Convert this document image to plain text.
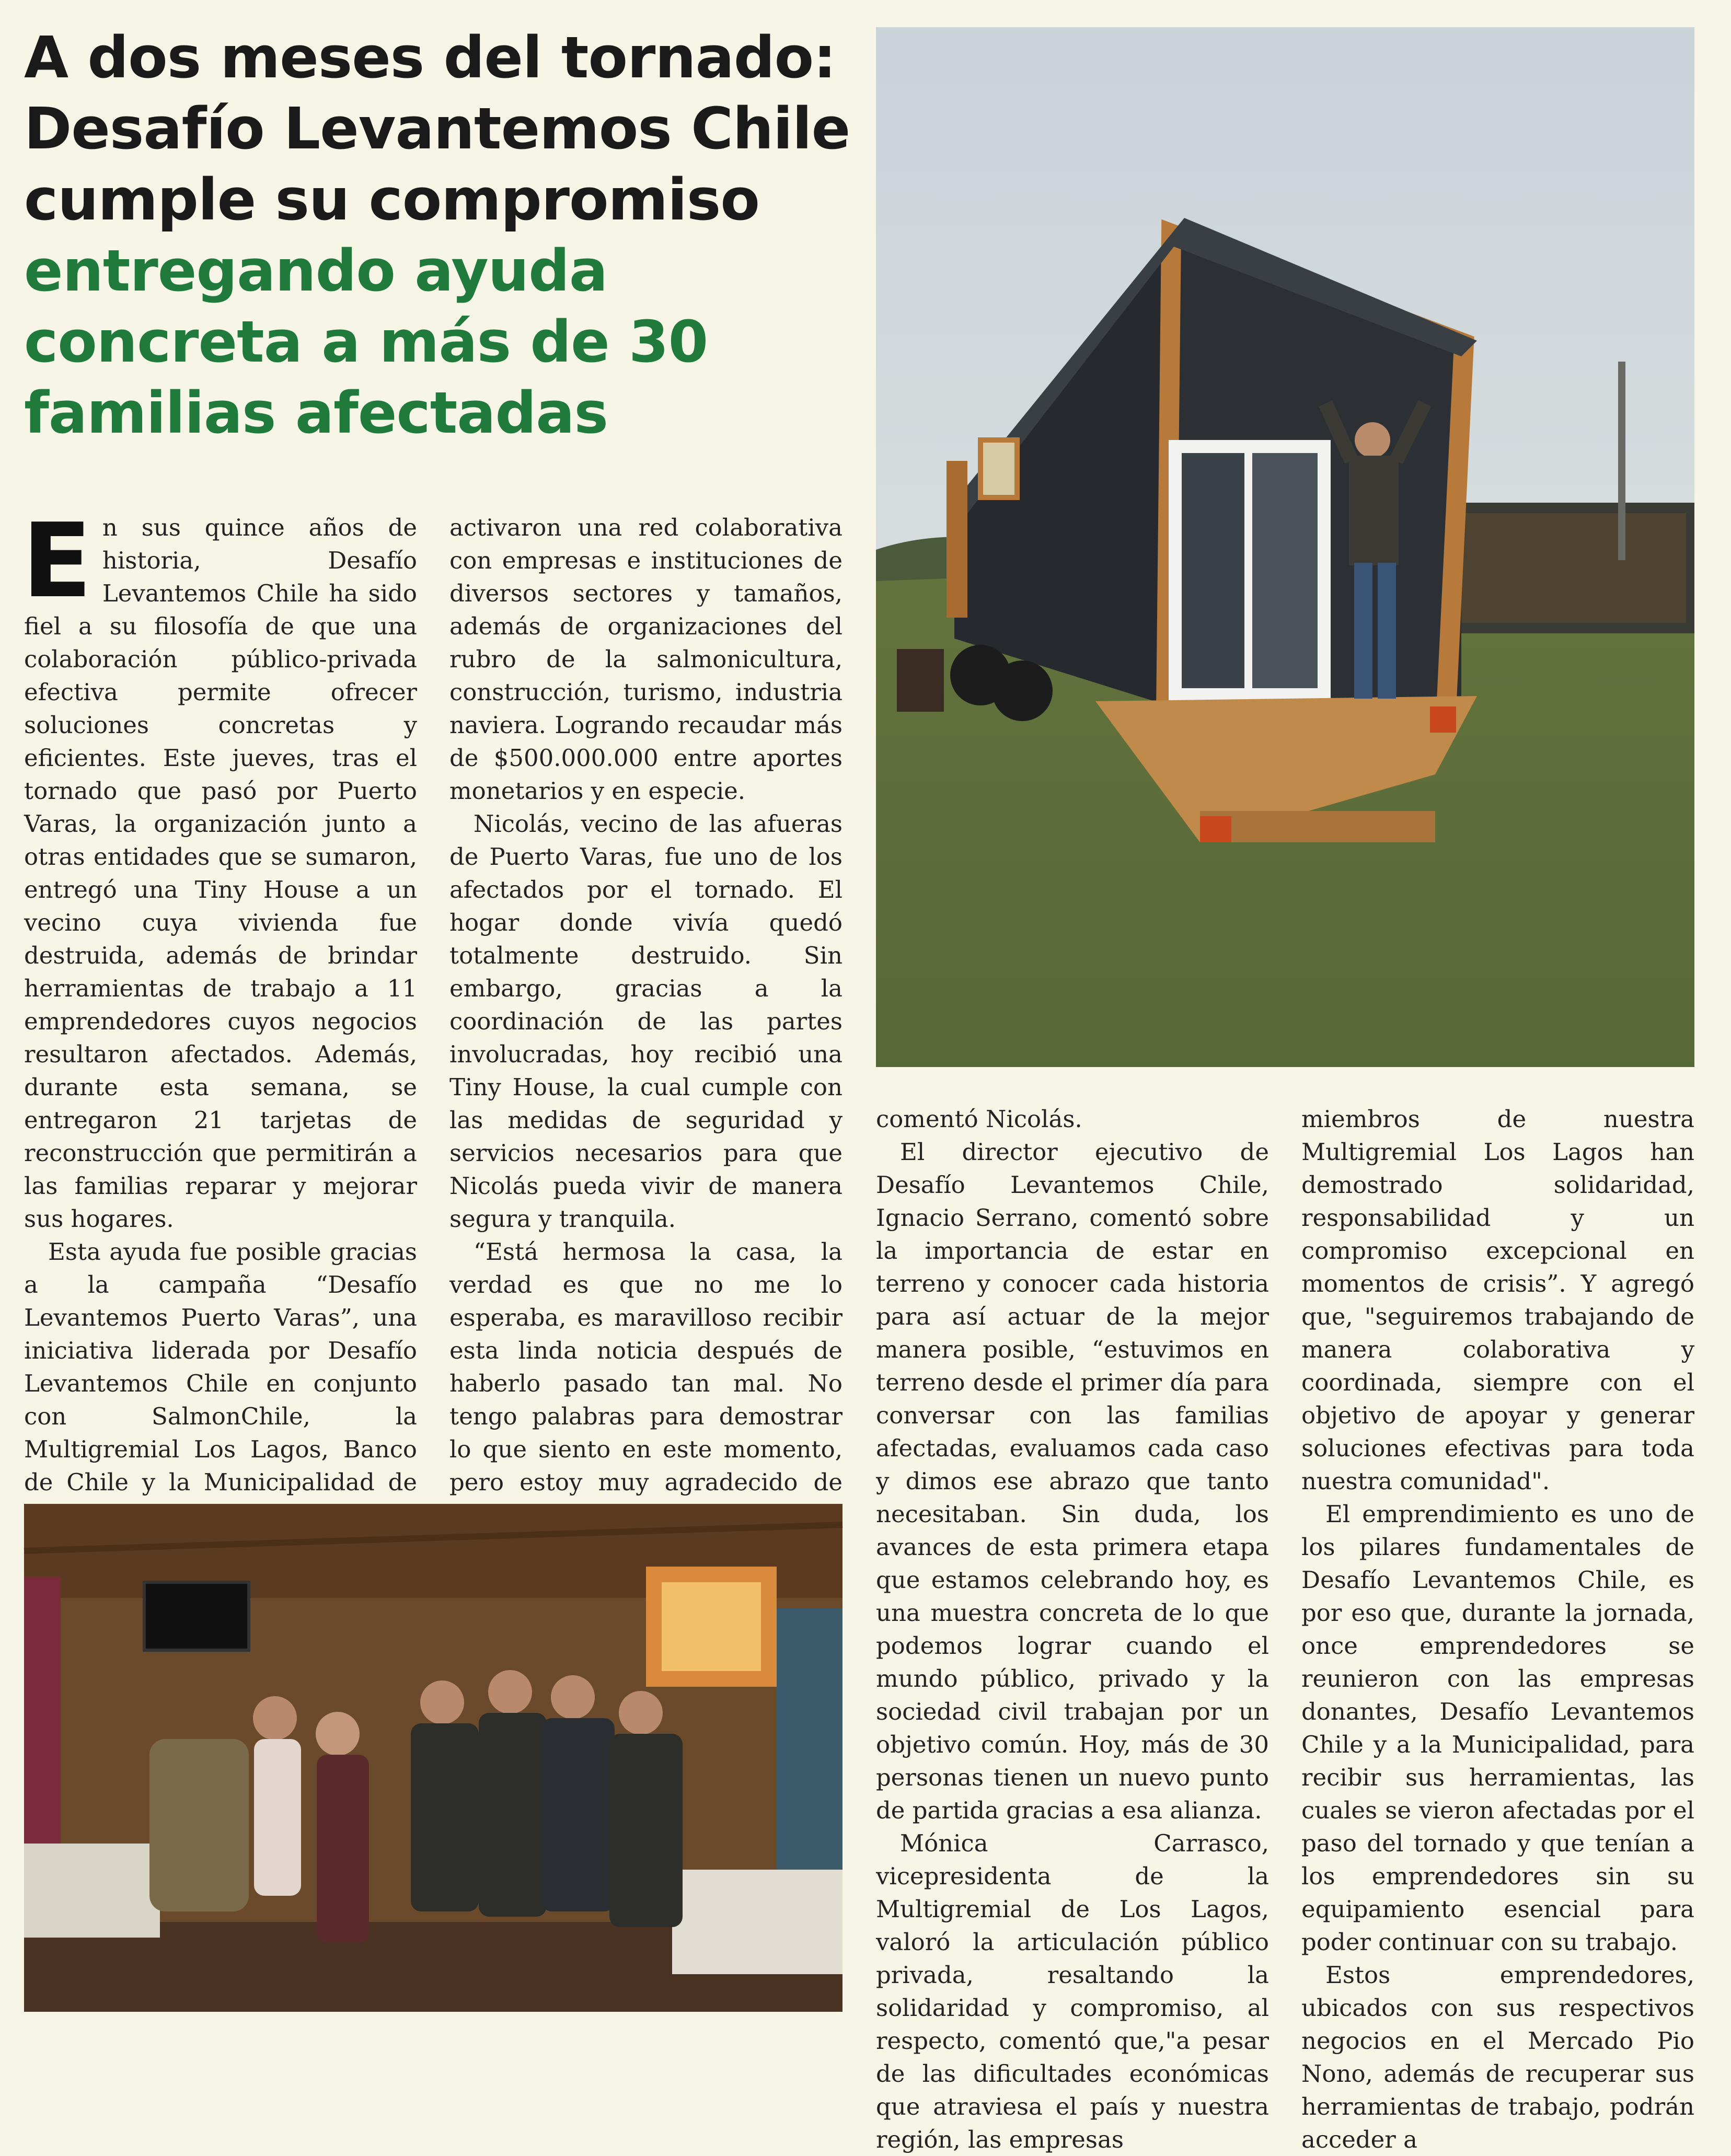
A dos meses del tornado: Desafío Levantemos Chile cumple su compromiso entregando ayuda concreta a más de 30 familias afectadas

En sus quince años de historia, Desafío Levantemos Chile ha sido fiel a su filosofía de que una colaboración público-privada efectiva permite ofrecer soluciones concretas y eficientes. Este jueves, tras el tornado que pasó por Puerto Varas, la organización junto a otras entidades que se sumaron, entregó una Tiny House a un vecino cuya vivienda fue destruida, además de brindar herramientas de trabajo a 11 emprendedores cuyos negocios resultaron afectados. Además, durante esta semana, se entregaron 21 tarjetas de reconstrucción que permitirán a las familias reparar y mejorar sus hogares.

Esta ayuda fue posible gracias a la campaña “Desafío Levantemos Puerto Varas”, una iniciativa liderada por Desafío Levantemos Chile en conjunto con SalmonChile, la Multigremial Los Lagos, Banco de Chile y la Municipalidad de

activaron una red colaborativa con empresas e instituciones de diversos sectores y tamaños, además de organizaciones del rubro de la salmonicultura, construcción, turismo, industria naviera. Logrando recaudar más de $500.000.000 entre aportes monetarios y en especie.

Nicolás, vecino de las afueras de Puerto Varas, fue uno de los afectados por el tornado. El hogar donde vivía quedó totalmente destruido. Sin embargo, gracias a la coordinación de las partes involucradas, hoy recibió una Tiny House, la cual cumple con las medidas de seguridad y servicios necesarios para que Nicolás pueda vivir de manera segura y tranquila.

“Está hermosa la casa, la verdad es que no me lo esperaba, es maravilloso recibir esta linda noticia después de haberlo pasado tan mal. No tengo palabras para demostrar lo que siento en este momento, pero estoy muy agradecido de

comentó Nicolás.

El director ejecutivo de Desafío Levantemos Chile, Ignacio Serrano, comentó sobre la importancia de estar en terreno y conocer cada historia para así actuar de la mejor manera posible, “estuvimos en terreno desde el primer día para conversar con las familias afectadas, evaluamos cada caso y dimos ese abrazo que tanto necesitaban. Sin duda, los avances de esta primera etapa que estamos celebrando hoy, es una muestra concreta de lo que podemos lograr cuando el mundo público, privado y la sociedad civil trabajan por un objetivo común. Hoy, más de 30 personas tienen un nuevo punto de partida gracias a esa alianza.

Mónica Carrasco, vicepresidenta de la Multigremial de Los Lagos, valoró la articulación público privada, resaltando la solidaridad y compromiso, al respecto, comentó que,"a pesar de las dificultades económicas que atraviesa el país y nuestra región, las empresas

miembros de nuestra Multigremial Los Lagos han demostrado solidaridad, responsabilidad y un compromiso excepcional en momentos de crisis”. Y agregó que, "seguiremos trabajando de manera colaborativa y coordinada, siempre con el objetivo de apoyar y generar soluciones efectivas para toda nuestra comunidad".

El emprendimiento es uno de los pilares fundamentales de Desafío Levantemos Chile, es por eso que, durante la jornada, once emprendedores se reunieron con las empresas donantes, Desafío Levantemos Chile y a la Municipalidad, para recibir sus herramientas, las cuales se vieron afectadas por el paso del tornado y que tenían a los emprendedores sin su equipamiento esencial para poder continuar con su trabajo.

Estos emprendedores, ubicados con sus respectivos negocios en el Mercado Pio Nono, además de recuperar sus herramientas de trabajo, podrán acceder a
